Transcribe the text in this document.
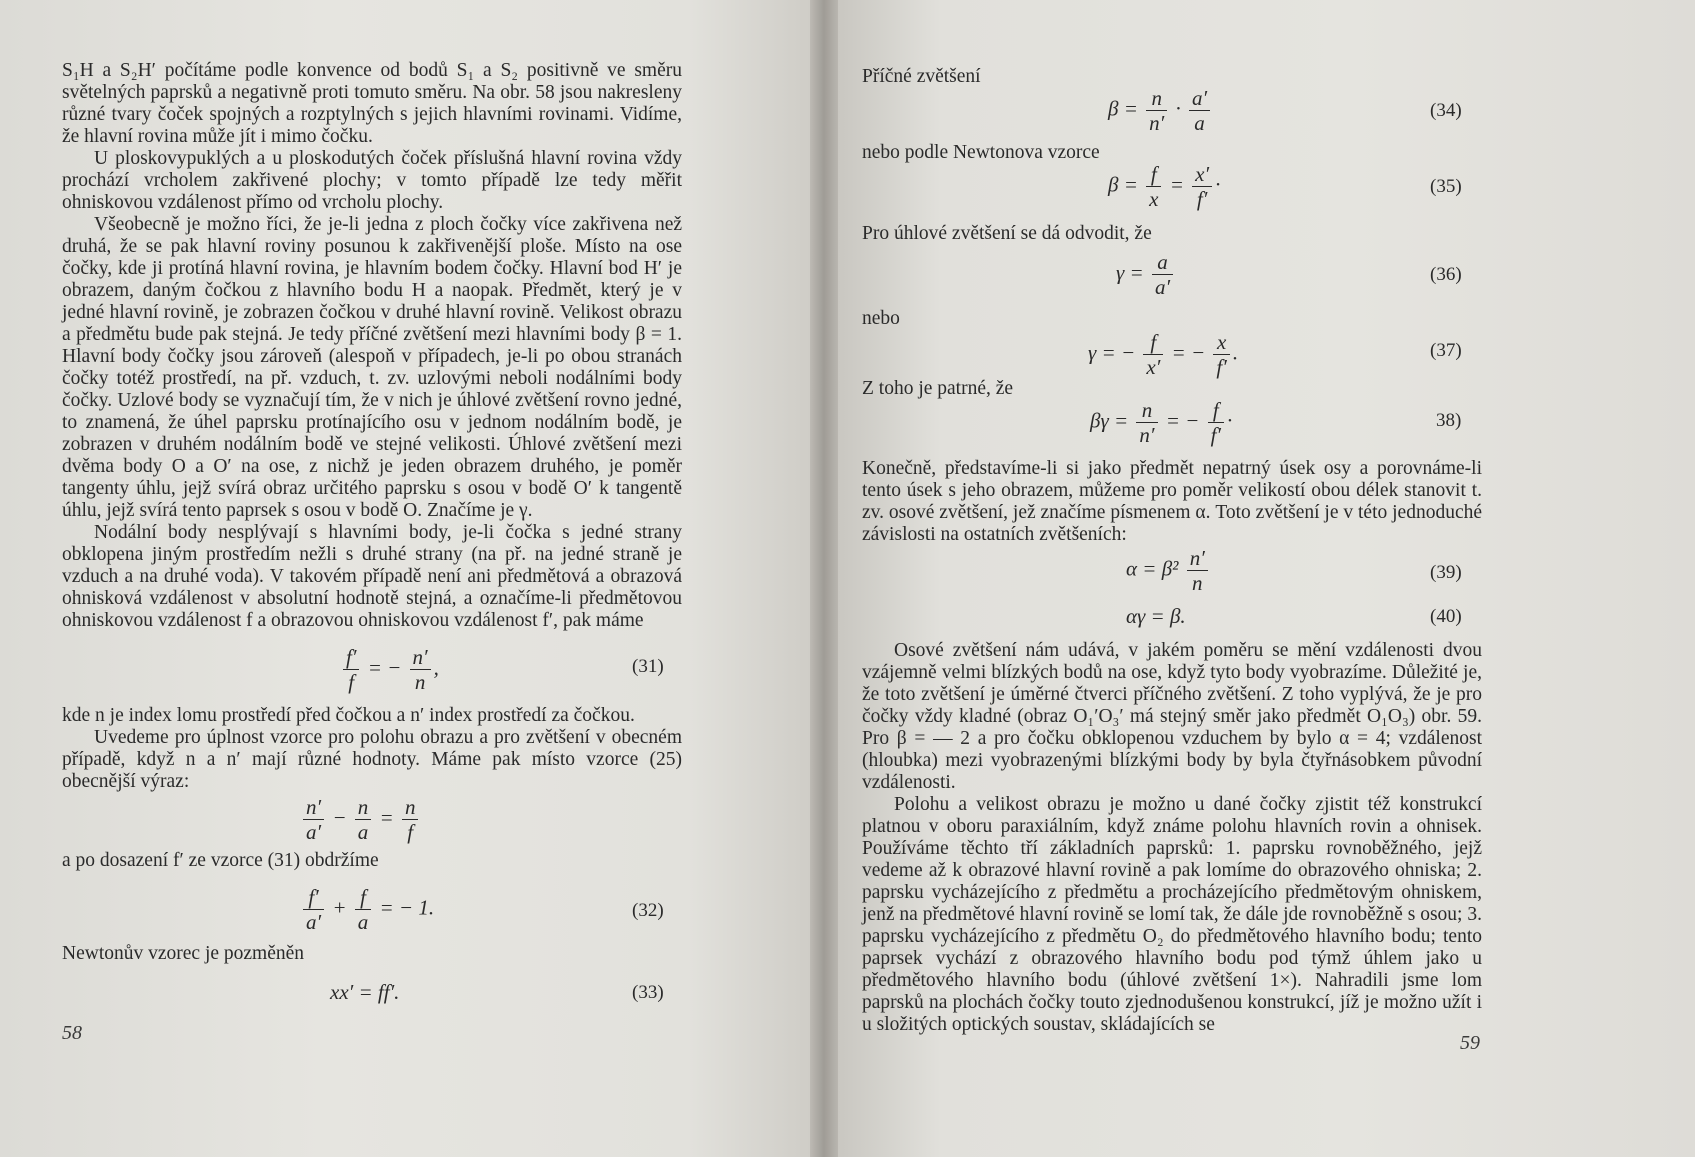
S₁H a S₂H′ počítáme podle konvence od bodů S₁ a S₂ positivně ve směru světelných paprsků a negativně proti tomuto směru. Na obr. 58 jsou nakresleny různé tvary čoček spojných a rozptylných s jejich hlavními rovinami. Vidíme, že hlavní rovina může jít i mimo čočku.

U ploskovypuklých a u ploskodutých čoček příslušná hlavní rovina vždy prochází vrcholem zakřivené plochy; v tomto případě lze tedy měřit ohniskovou vzdálenost přímo od vrcholu plochy.

Všeobecně je možno říci, že je-li jedna z ploch čočky více zakřivena než druhá, že se pak hlavní roviny posunou k zakřivenější ploše. Místo na ose čočky, kde ji protíná hlavní rovina, je hlavním bodem čočky. Hlavní bod H′ je obrazem, daným čočkou z hlavního bodu H a naopak. Předmět, který je v jedné hlavní rovině, je zobrazen čočkou v druhé hlavní rovině. Velikost obrazu a předmětu bude pak stejná. Je tedy příčné zvětšení mezi hlavními body β = 1. Hlavní body čočky jsou zároveň (alespoň v případech, je-li po obou stranách čočky totéž prostředí, na př. vzduch, t. zv. uzlovými neboli nodálními body čočky. Uzlové body se vyznačují tím, že v nich je úhlové zvětšení rovno jedné, to znamená, že úhel paprsku protínajícího osu v jednom nodálním bodě, je zobrazen v druhém nodálním bodě ve stejné velikosti. Úhlové zvětšení mezi dvěma body O a O′ na ose, z nichž je jeden obrazem druhého, je poměr tangenty úhlu, jejž svírá obraz určitého paprsku s osou v bodě O′ k tangentě úhlu, jejž svírá tento paprsek s osou v bodě O. Značíme je γ.

Nodální body nesplývají s hlavními body, je-li čočka s jedné strany obklopena jiným prostředím nežli s druhé strany (na př. na jedné straně je vzduch a na druhé voda). V takovém případě není ani předmětová a obrazová ohnisková vzdálenost v absolutní hodnotě stejná, a označíme-li předmětovou ohniskovou vzdálenost f a obrazovou ohniskovou vzdálenost f′, pak máme

$\frac{f'}{f}$ = − $\frac{n'}{n}$ ,	(31)

kde n je index lomu prostředí před čočkou a n′ index prostředí za čočkou.

Uvedeme pro úplnost vzorce pro polohu obrazu a pro zvětšení v obecném případě, když n a n′ mají různé hodnoty. Máme pak místo vzorce (25) obecnější výraz:

$\frac{n'}{a'} - \frac{n}{a} = \frac{n}{f}$
a po dosazení f′ ze vzorce (31) obdržíme
$\frac{f'}{a'} + \frac{f}{a}$ = − 1.	(32)
Newtonův vzorec je pozměněn
xx′ = ff′.	(33)
58
Příčné zvětšení
$\beta = \frac{n}{n'} \cdot \frac{a'}{a}$	(34)
nebo podle Newtonova vzorce
$\beta = \frac{f}{x} = \frac{x'}{f'}$ ·	(35)
Pro úhlové zvětšení se dá odvodit, že
$\gamma = \frac{a}{a'}$	(36)
nebo
γ = − $\frac{f}{x'}$ = − $\frac{x}{f'}$ .	(37)
Z toho je patrné, že
$\beta\gamma = \frac{n}{n'}$ = − $\frac{f}{f'}$ ·	38)
Konečně, představíme-li si jako předmět nepatrný úsek osy a porovnáme-li tento úsek s jeho obrazem, můžeme pro poměr velikostí obou délek stanovit t. zv. osové zvětšení, jež značíme písmenem α. Toto zvětšení je v této jednoduché závislosti na ostatních zvětšeních:
$\alpha = \beta^2 \frac{n'}{n}$	(39)
αγ = β.	(40)

Osové zvětšení nám udává, v jakém poměru se mění vzdálenosti dvou vzájemně velmi blízkých bodů na ose, když tyto body vyobrazíme. Důležité je, že toto zvětšení je úměrné čtverci příčného zvětšení. Z toho vyplývá, že je pro čočky vždy kladné (obraz O₁′O₃′ má stejný směr jako předmět O₁O₃) obr. 59. Pro β = — 2 a pro čočku obklopenou vzduchem by bylo α = 4; vzdálenost (hloubka) mezi vyobrazenými blízkými body by byla čtyřnásobkem původní vzdálenosti.

Polohu a velikost obrazu je možno u dané čočky zjistit též konstrukcí platnou v oboru paraxiálním, když známe polohu hlavních rovin a ohnisek. Používáme těchto tří základních paprsků: 1. paprsku rovnoběžného, jejž vedeme až k obrazové hlavní rovině a pak lomíme do obrazového ohniska; 2. paprsku vycházejícího z předmětu a procházejícího předmětovým ohniskem, jenž na předmětové hlavní rovině se lomí tak, že dále jde rovnoběžně s osou; 3. paprsku vycházejícího z předmětu O₂ do předmětového hlavního bodu; tento paprsek vychází z obrazového hlavního bodu pod týmž úhlem jako u předmětového hlavního bodu (úhlové zvětšení 1×). Nahradili jsme lom paprsků na plochách čočky touto zjednodušenou konstrukcí, jíž je možno užít i u složitých optických soustav, skládajících se

59
